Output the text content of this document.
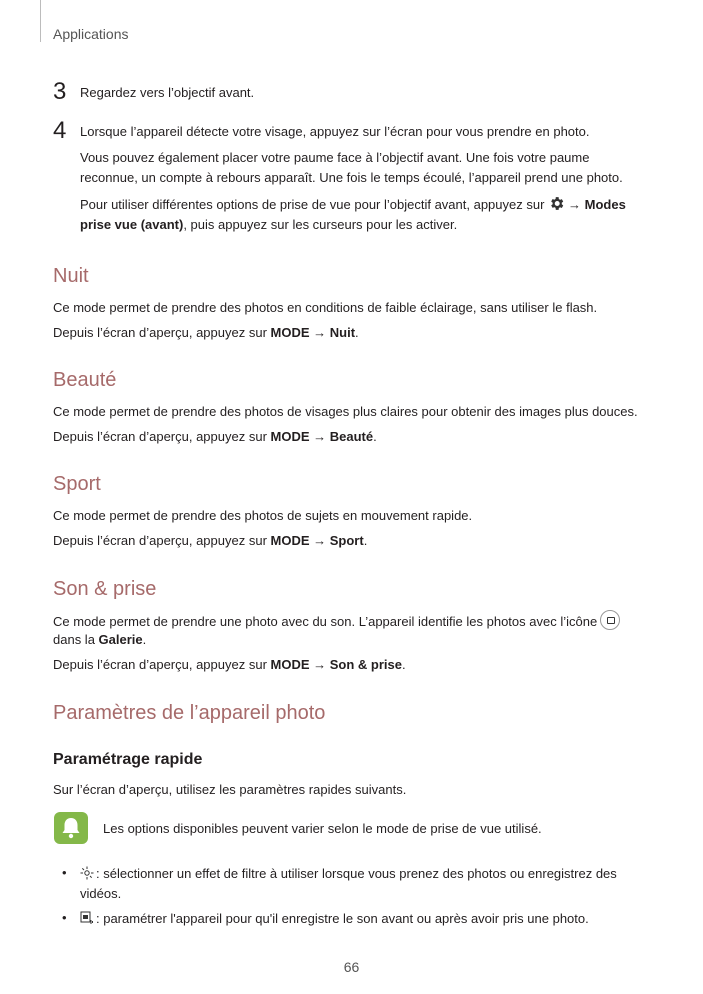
Applications
3 Regardez vers l’objectif avant.
4 Lorsque l’appareil détecte votre visage, appuyez sur l’écran pour vous prendre en photo.
Vous pouvez également placer votre paume face à l’objectif avant. Une fois votre paume
reconnue, un compte à rebours apparaît. Une fois le temps écoulé, l’appareil prend une photo.
Pour utiliser différentes options de prise de vue pour l’objectif avant, appuyez sur → Modes
prise vue (avant), puis appuyez sur les curseurs pour les activer.
Nuit
Ce mode permet de prendre des photos en conditions de faible éclairage, sans utiliser le flash.
Depuis l’écran d’aperçu, appuyez sur MODE → Nuit.
Beauté
Ce mode permet de prendre des photos de visages plus claires pour obtenir des images plus douces.
Depuis l’écran d’aperçu, appuyez sur MODE → Beauté.
Sport
Ce mode permet de prendre des photos de sujets en mouvement rapide.
Depuis l’écran d’aperçu, appuyez sur MODE → Sport.
Son & prise
Ce mode permet de prendre une photo avec du son. L’appareil identifie les photos avec l’icône
dans la Galerie.
Depuis l’écran d’aperçu, appuyez sur MODE → Son & prise.
Paramètres de l’appareil photo
Paramétrage rapide
Sur l’écran d’aperçu, utilisez les paramètres rapides suivants.
Les options disponibles peuvent varier selon le mode de prise de vue utilisé.
•	: sélectionner un effet de filtre à utiliser lorsque vous prenez des photos ou enregistrez des
vidéos.
•	: paramétrer l'appareil pour qu'il enregistre le son avant ou après avoir pris une photo.
66
